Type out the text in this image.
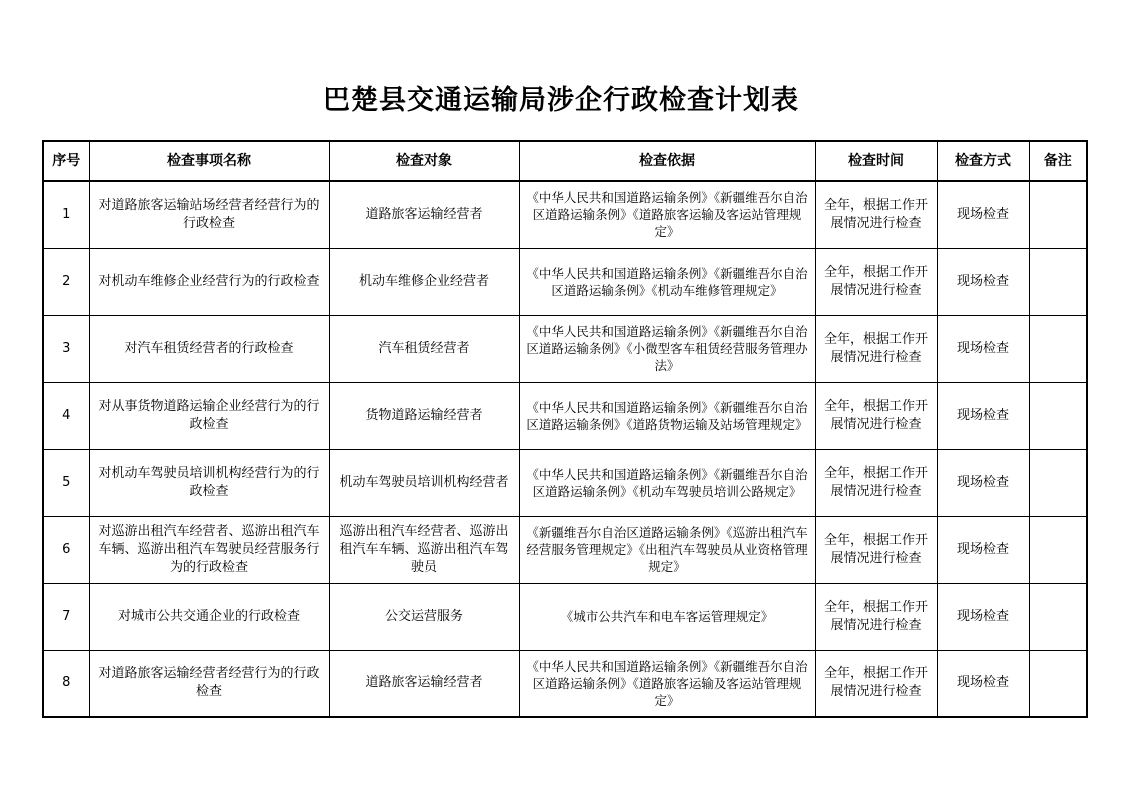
巴楚县交通运输局涉企行政检查计划表
序号	检查事项名称	检查对象	检查依据	检查时间	检查方式	备注
1	对道路旅客运输站场经营者经营行为的行政检查	道路旅客运输经营者	《中华人民共和国道路运输条例》《新疆维吾尔自治区道路运输条例》《道路旅客运输及客运站管理规定》	全年，根据工作开展情况进行检查	现场检查	
2	对机动车维修企业经营行为的行政检查	机动车维修企业经营者	《中华人民共和国道路运输条例》《新疆维吾尔自治区道路运输条例》《机动车维修管理规定》	全年，根据工作开展情况进行检查	现场检查	
3	对汽车租赁经营者的行政检查	汽车租赁经营者	《中华人民共和国道路运输条例》《新疆维吾尔自治区道路运输条例》《小微型客车租赁经营服务管理办法》	全年，根据工作开展情况进行检查	现场检查	
4	对从事货物道路运输企业经营行为的行政检查	货物道路运输经营者	《中华人民共和国道路运输条例》《新疆维吾尔自治区道路运输条例》《道路货物运输及站场管理规定》	全年，根据工作开展情况进行检查	现场检查	
5	对机动车驾驶员培训机构经营行为的行政检查	机动车驾驶员培训机构经营者	《中华人民共和国道路运输条例》《新疆维吾尔自治区道路运输条例》《机动车驾驶员培训公路规定》	全年，根据工作开展情况进行检查	现场检查	
6	对巡游出租汽车经营者、巡游出租汽车车辆、巡游出租汽车驾驶员经营服务行为的行政检查	巡游出租汽车经营者、巡游出租汽车车辆、巡游出租汽车驾驶员	《新疆维吾尔自治区道路运输条例》《巡游出租汽车经营服务管理规定》《出租汽车驾驶员从业资格管理规定》	全年，根据工作开展情况进行检查	现场检查	
7	对城市公共交通企业的行政检查	公交运营服务	《城市公共汽车和电车客运管理规定》	全年，根据工作开展情况进行检查	现场检查	
8	对道路旅客运输经营者经营行为的行政检查	道路旅客运输经营者	《中华人民共和国道路运输条例》《新疆维吾尔自治区道路运输条例》《道路旅客运输及客运站管理规定》	全年，根据工作开展情况进行检查	现场检查	
